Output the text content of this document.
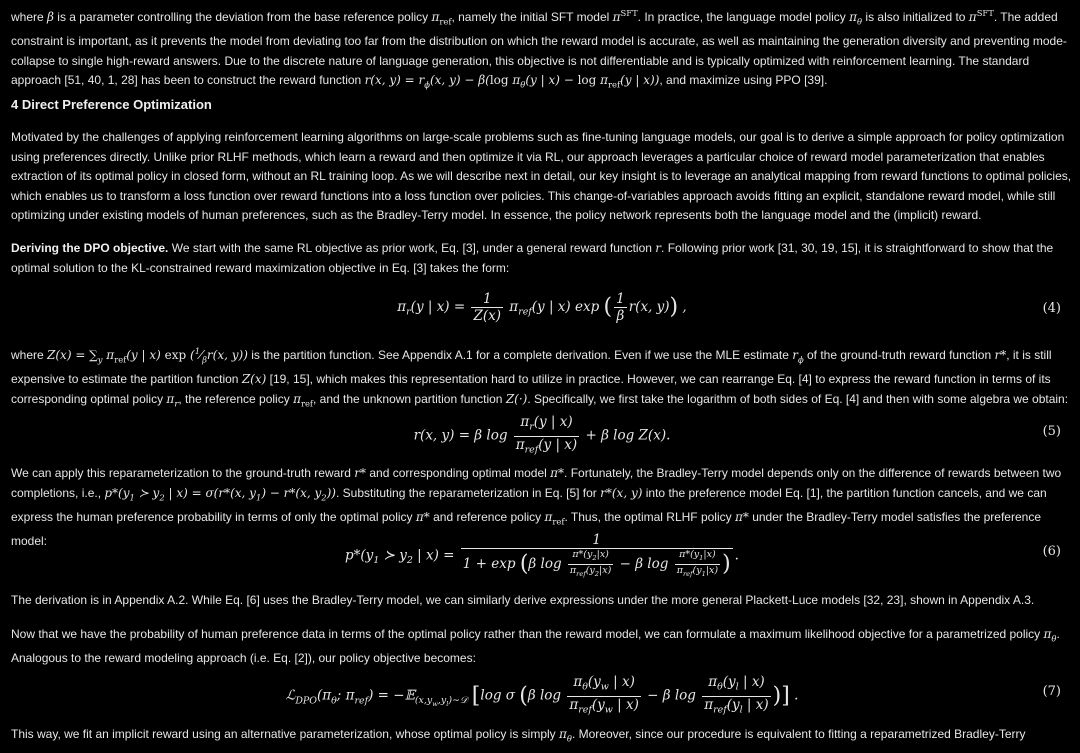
where β is a parameter controlling the deviation from the base reference policy $\pi_{ref}$, namely the initial SFT model $\pi^{SFT}$. In practice, the language model policy $\pi_\theta$ is also initialized to $\pi^{SFT}$. The added constraint is important, as it prevents the model from deviating too far from the distribution on which the reward model is accurate, as well as maintaining the generation diversity and preventing mode-collapse to single high-reward answers. Due to the discrete nature of language generation, this objective is not differentiable and is typically optimized with reinforcement learning. The standard approach [51, 40, 1, 28] has been to construct the reward function r(x, $y) = r_\phi(x$, y) − β(log $\pi_\theta(y$ | $x) - \log \pi_{ref}(y$ | x)), and maximize using PPO [39].

4 Direct Preference Optimization

Motivated by the challenges of applying reinforcement learning algorithms on large-scale problems such as fine-tuning language models, our goal is to derive a simple approach for policy optimization using preferences directly. Unlike prior RLHF methods, which learn a reward and then optimize it via RL, our approach leverages a particular choice of reward model parameterization that enables extraction of its optimal policy in closed form, without an RL training loop. As we will describe next in detail, our key insight is to leverage an analytical mapping from reward functions to optimal policies, which enables us to transform a loss function over reward functions into a loss function over policies. This change-of-variables approach avoids fitting an explicit, standalone reward model, while still optimizing under existing models of human preferences, such as the Bradley-Terry model. In essence, the policy network represents both the language model and the (implicit) reward.

Deriving the DPO objective. We start with the same RL objective as prior work, Eq. [3], under a general reward function r. Following prior work [31, 30, 19, 15], it is straightforward to show that the optimal solution to the KL-constrained reward maximization objective in Eq. [3] takes the form:

$\pi_r(y$ | $x) = \frac{1}{Z(x)} \pi_{ref}(y$ | x) exp ( $\frac{1}{\beta} r(x$, y)) ,	(4)

where $Z(x) = \sum_y$ $\pi_{ref}(y$ | x) $\exp (^1⁄_\beta r(x$, y)) is the partition function. See Appendix A.1 for a complete derivation. Even if we use the MLE estimate $r_\phi$ of the ground-truth reward function r*, it is still expensive to estimate the partition function Z(x) [19, 15], which makes this representation hard to utilize in practice. However, we can rearrange Eq. [4] to express the reward function in terms of its corresponding optimal policy $\pi_r$, the reference policy $\pi_{ref}$, and the unknown partition function Z(·). Specifically, we first take the logarithm of both sides of Eq. [4] and then with some algebra we obtain:

r(x, y) = β $\log \frac{\pi_r(y | x)}{\pi_{ref}(y | x)} + \beta$ log Z(x).	(5)

We can apply this reparameterization to the ground-truth reward r* and corresponding optimal model π*. Fortunately, the Bradley-Terry model depends only on the difference of rewards between two completions, i.e., $p*(y_1$ ≻ $y_2$ | x) = σ(r*(x, $y_1) - r*(x$, $y_2$)). Substituting the reparameterization in Eq. [5] for r*(x, y) into the preference model Eq. [1], the partition function cancels, and we can express the human preference probability in terms of only the optimal policy π* and reference policy $\pi_{ref}$. Thus, the optimal RLHF policy π* under the Bradley-Terry model satisfies the preference model:

$p*(y_1$ ≻ $y_2$ | x) =
1
1 + exp (β $\log \frac{\pi*(y_2|x)}{\pi_{ref}(y_2|x)} - \beta$ $\log \frac{\pi*(y_1|x)}{\pi_{ref}(y_1|x)}$ ) .	(6)

The derivation is in Appendix A.2. While Eq. [6] uses the Bradley-Terry model, we can similarly derive expressions under the more general Plackett-Luce models [32, 23], shown in Appendix A.3.

Now that we have the probability of human preference data in terms of the optimal policy rather than the reward model, we can formulate a maximum likelihood objective for a parametrized policy $\pi_\theta$. Analogous to the reward modeling approach (i.e. Eq. [2]), our policy objective becomes:

$ℒ_{DPO}(\pi_\theta$; $\pi_{ref}$) = −𝔼$_{(x,y_w,y_l)\sim 𝒟}$ [log σ (β $\log \frac{\pi_\theta(y_w | x)}{\pi_{ref}(y_w | x)} - \beta$ $\log \frac{\pi_\theta(y_l | x)}{\pi_{ref}(y_l | x)}$ )] .	(7)

This way, we fit an implicit reward using an alternative parameterization, whose optimal policy is simply $\pi_\theta$. Moreover, since our procedure is equivalent to fitting a reparametrized Bradley-Terry
